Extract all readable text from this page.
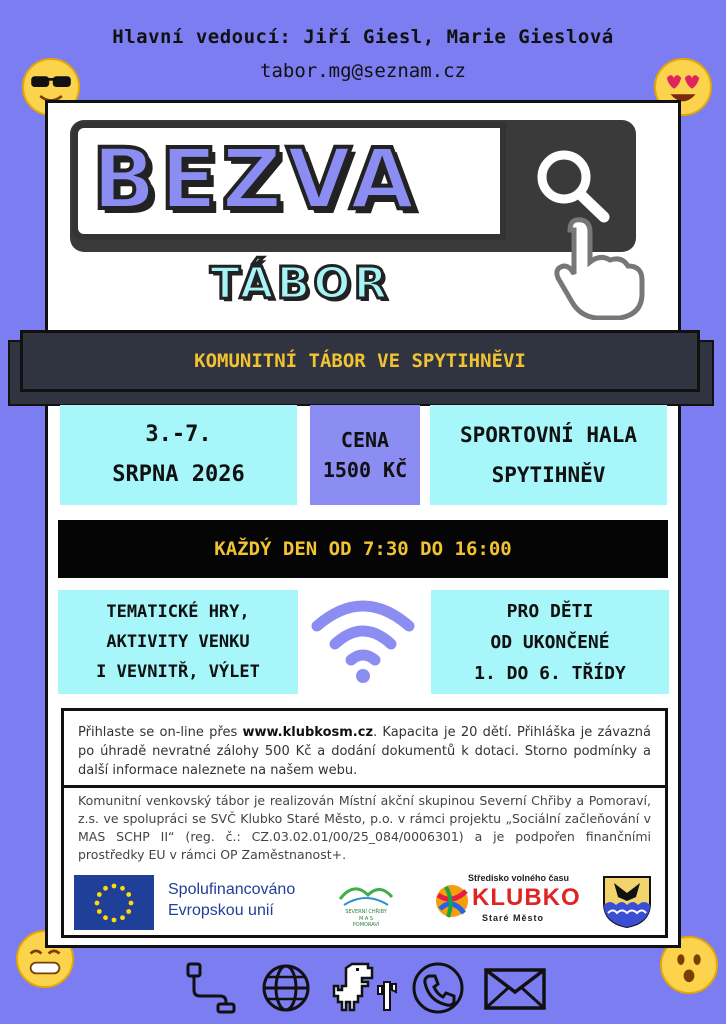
Hlavní vedoucí: Jiří Giesl, Marie Gieslová
tabor.mg@seznam.cz
BEZVA
TÁBOR
KOMUNITNÍ TÁBOR VE SPYTIHNĚVI
3.-7.
SRPNA 2026
CENA
1500 KČ
SPORTOVNÍ HALA
SPYTIHNĚV
KAŽDÝ DEN OD 7:30 DO 16:00
TEMATICKÉ HRY,
AKTIVITY VENKU
I VEVNITŘ, VÝLET
PRO DĚTI
OD UKONČENÉ
1. DO 6. TŘÍDY
Přihlaste se on-line přes www.klubkosm.cz. Kapacita je 20 dětí. Přihláška je závazná po úhradě nevratné zálohy 500 Kč a dodání dokumentů k dotaci. Storno podmínky a další informace naleznete na našem webu.
Komunitní venkovský tábor je realizován Místní akční skupinou Severní Chřiby a Pomoraví, z.s. ve spolupráci se SVČ Klubko Staré Město, p.o. v rámci projektu „Sociální začleňování v MAS SCHP II“ (reg. č.: CZ.03.02.01/00/25_084/0006301) a je podpořen finančními prostředky EU v rámci OP Zaměstnanost+.
Spolufinancováno
Evropskou unií	SEVERNÍ CHŘIBY
M A S
POMORAVÍ
Středisko volného času
KLUBKO
Staré Město
